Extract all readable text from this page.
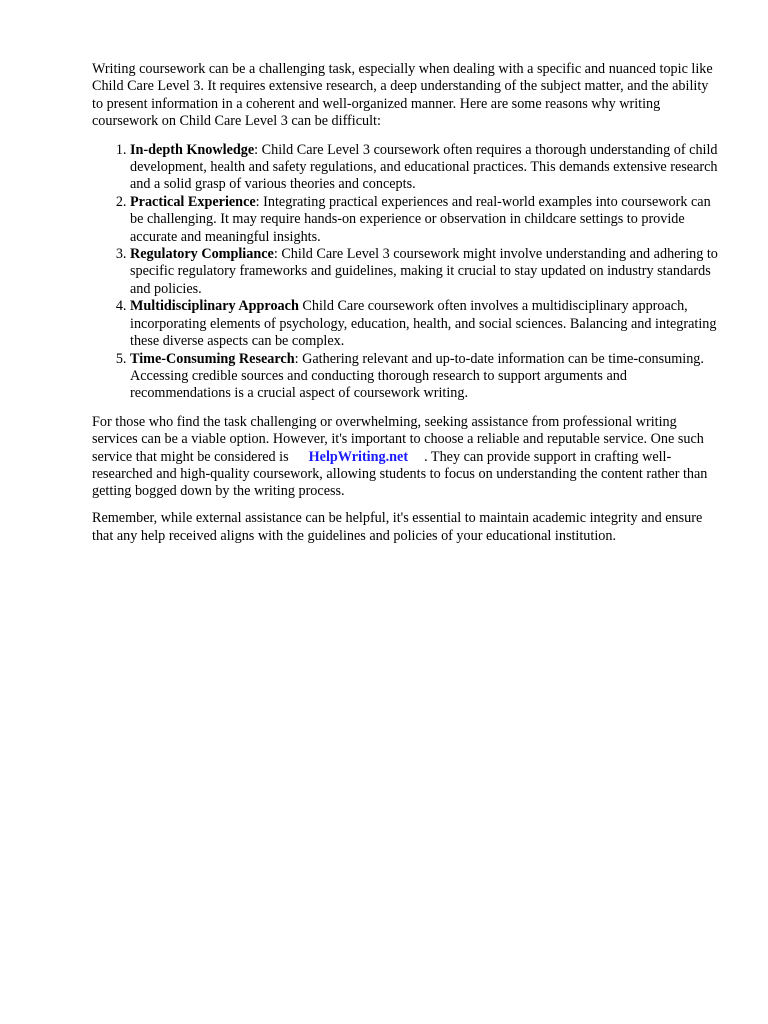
Writing coursework can be a challenging task, especially when dealing with a specific and nuanced topic like Child Care Level 3. It requires extensive research, a deep understanding of the subject matter, and the ability to present information in a coherent and well-organized manner. Here are some reasons why writing coursework on Child Care Level 3 can be difficult:

1. In-depth Knowledge: Child Care Level 3 coursework often requires a thorough understanding of child development, health and safety regulations, and educational practices. This demands extensive research and a solid grasp of various theories and concepts.
2. Practical Experience: Integrating practical experiences and real-world examples into coursework can be challenging. It may require hands-on experience or observation in childcare settings to provide accurate and meaningful insights.
3. Regulatory Compliance: Child Care Level 3 coursework might involve understanding and adhering to specific regulatory frameworks and guidelines, making it crucial to stay updated on industry standards and policies.
4. Multidisciplinary Approach Child Care coursework often involves a multidisciplinary approach, incorporating elements of psychology, education, health, and social sciences. Balancing and integrating these diverse aspects can be complex.
5. Time-Consuming Research: Gathering relevant and up-to-date information can be time-consuming. Accessing credible sources and conducting thorough research to support arguments and recommendations is a crucial aspect of coursework writing.

For those who find the task challenging or overwhelming, seeking assistance from professional writing services can be a viable option. However, it's important to choose a reliable and reputable service. One such service that might be considered is HelpWriting.net . They can provide support in crafting well-researched and high-quality coursework, allowing students to focus on understanding the content rather than getting bogged down by the writing process.

Remember, while external assistance can be helpful, it's essential to maintain academic integrity and ensure that any help received aligns with the guidelines and policies of your educational institution.
